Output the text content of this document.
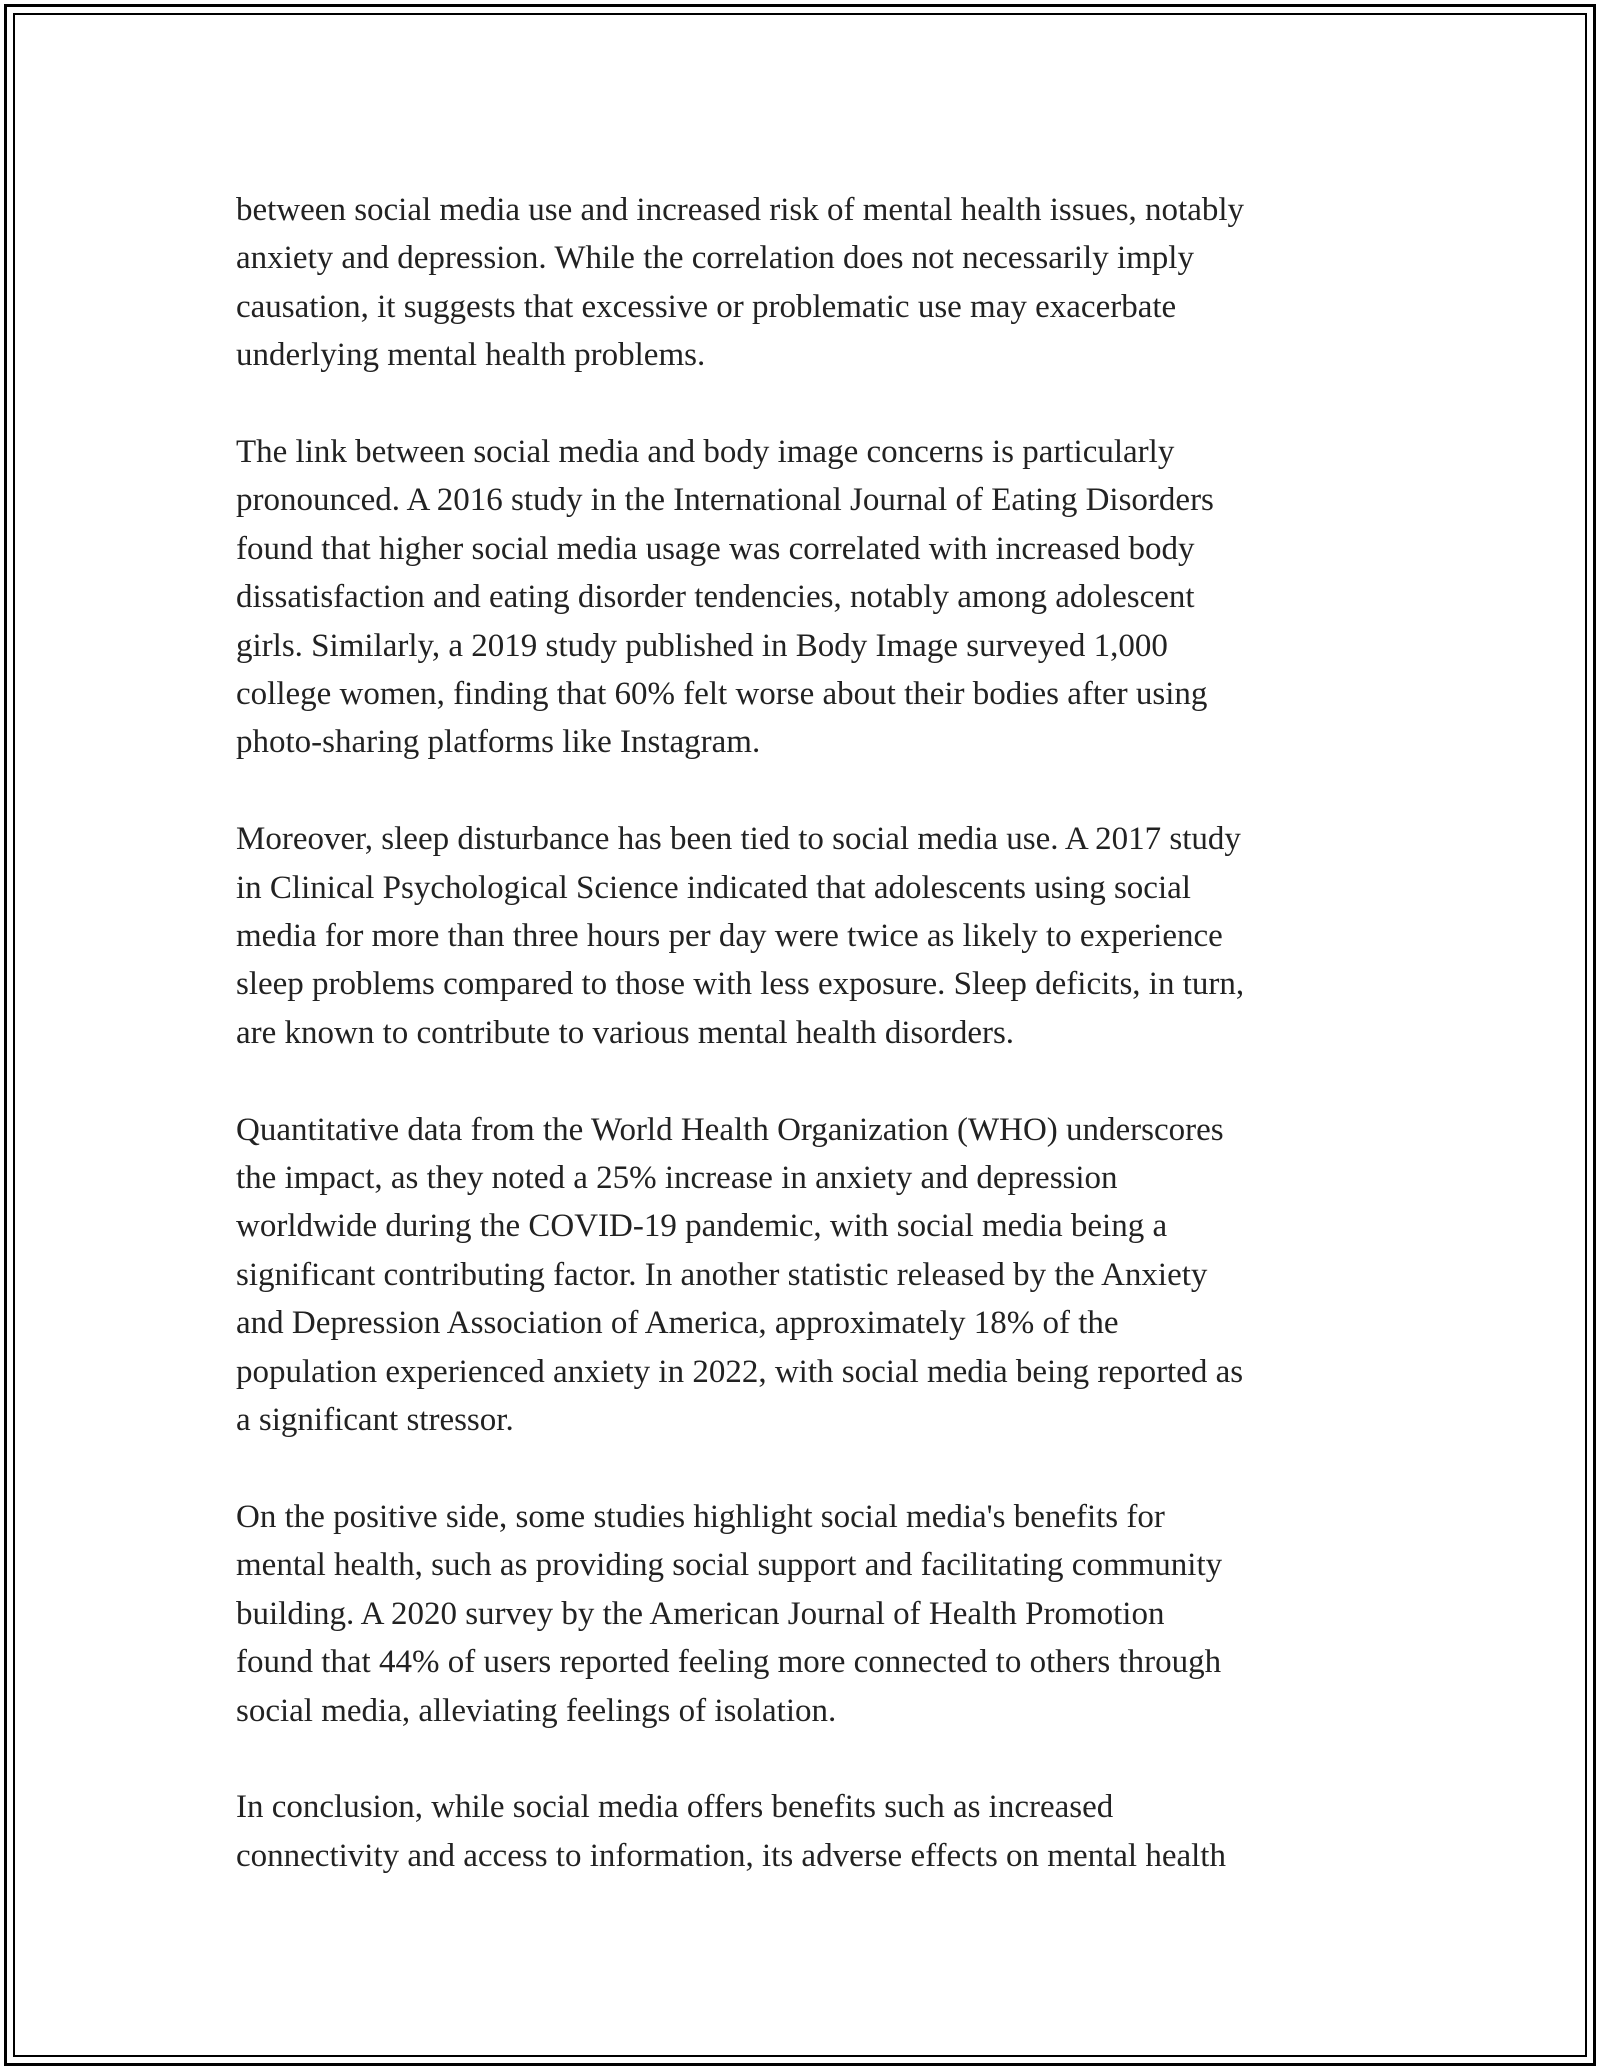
between social media use and increased risk of mental health issues, notably
anxiety and depression. While the correlation does not necessarily imply
causation, it suggests that excessive or problematic use may exacerbate
underlying mental health problems.

The link between social media and body image concerns is particularly
pronounced. A 2016 study in the International Journal of Eating Disorders
found that higher social media usage was correlated with increased body
dissatisfaction and eating disorder tendencies, notably among adolescent
girls. Similarly, a 2019 study published in Body Image surveyed 1,000
college women, finding that 60% felt worse about their bodies after using
photo-sharing platforms like Instagram.

Moreover, sleep disturbance has been tied to social media use. A 2017 study
in Clinical Psychological Science indicated that adolescents using social
media for more than three hours per day were twice as likely to experience
sleep problems compared to those with less exposure. Sleep deficits, in turn,
are known to contribute to various mental health disorders.

Quantitative data from the World Health Organization (WHO) underscores
the impact, as they noted a 25% increase in anxiety and depression
worldwide during the COVID-19 pandemic, with social media being a
significant contributing factor. In another statistic released by the Anxiety
and Depression Association of America, approximately 18% of the
population experienced anxiety in 2022, with social media being reported as
a significant stressor.

On the positive side, some studies highlight social media's benefits for
mental health, such as providing social support and facilitating community
building. A 2020 survey by the American Journal of Health Promotion
found that 44% of users reported feeling more connected to others through
social media, alleviating feelings of isolation.

In conclusion, while social media offers benefits such as increased
connectivity and access to information, its adverse effects on mental health
